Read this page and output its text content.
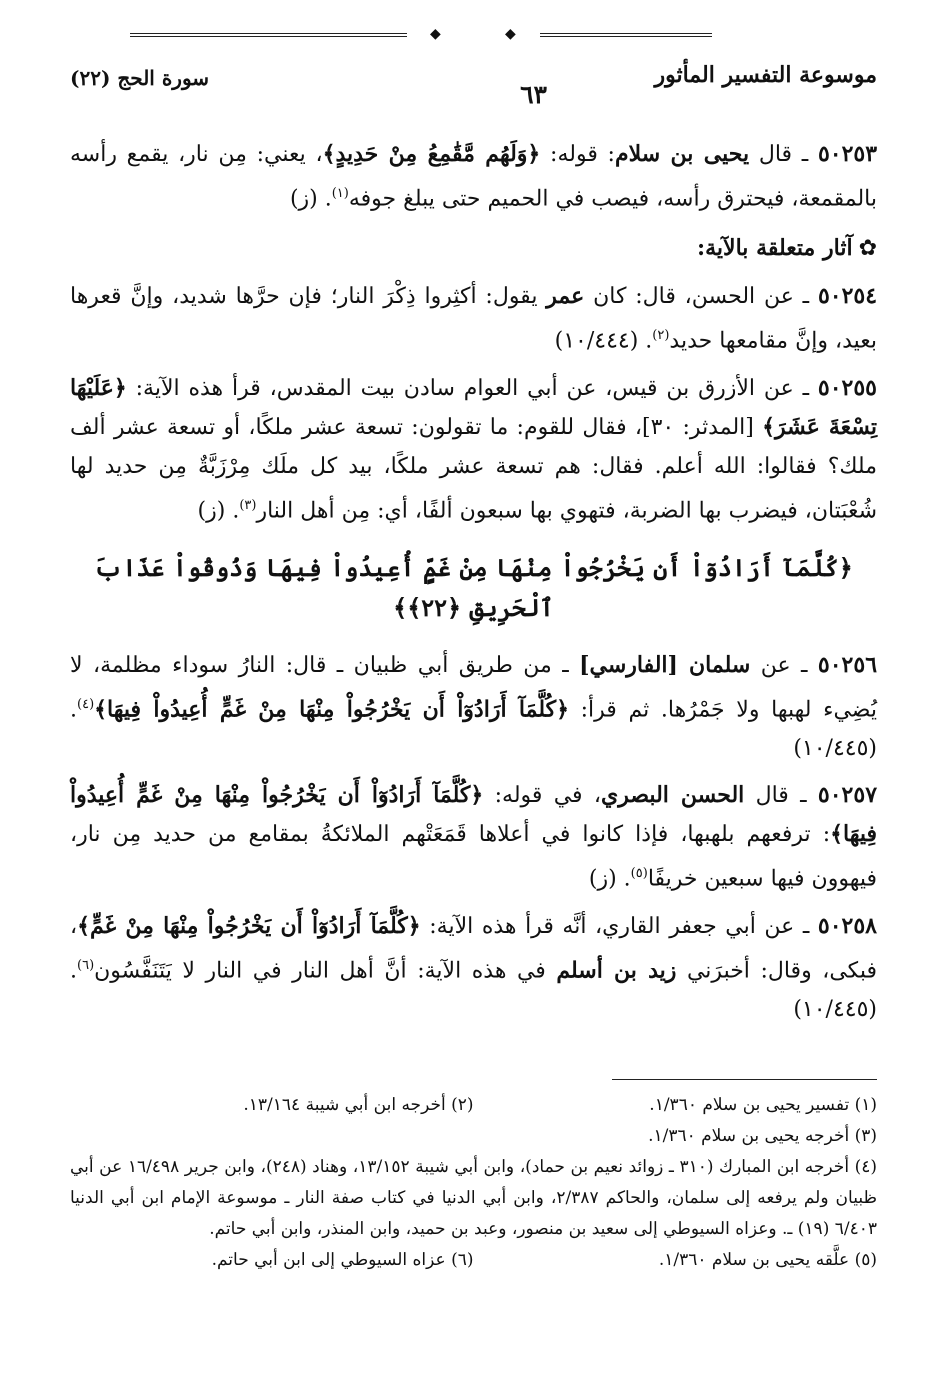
موسوعة التفسير المأثور
٦٣
سورة الحج (٢٢)
◆	◆

٥٠٢٥٣ ـ قال يحيى بن سلام: قوله: ﴿وَلَهُم مَّقَٰمِعُ مِنْ حَدِيدٍ﴾، يعني: مِن نار، يقمع رأسه بالمقمعة، فيحترق رأسه، فيصب في الحميم حتى يبلغ جوفه$^{(١)}$. (ز)

✿آثار متعلقة بالآية:

٥٠٢٥٤ ـ عن الحسن، قال: كان عمر يقول: أكثِروا ذِكْرَ النار؛ فإن حرَّها شديد، وإنَّ قعرها بعيد، وإنَّ مقامعها حديد$^{(٢)}$. (١٠/٤٤٤)

٥٠٢٥٥ ـ عن الأزرق بن قيس، عن أبي العوام سادن بيت المقدس، قرأ هذه الآية: ﴿عَلَيْهَا تِسْعَةَ عَشَرَ﴾ [المدثر: ٣٠]، فقال للقوم: ما تقولون: تسعة عشر ملكًا، أو تسعة عشر ألف ملك؟ فقالوا: الله أعلم. فقال: هم تسعة عشر ملكًا، بيد كل ملَك مِرْزَبَّةٌ مِن حديد لها شُعْبَتان، فيضرب بها الضربة، فتهوي بها سبعون ألفًا، أي: مِن أهل النار$^{(٣)}$. (ز)

﴿كُلَّمَآ أَرَادُوٓاْ أَن يَخْرُجُواْ مِنْهَا مِنْ غَمٍّ أُعِيدُواْ فِيهَا وَذُوقُواْ عَذَابَ ٱلْحَرِيقِ ﴿٢٢﴾﴾

٥٠٢٥٦ ـ عن سلمان [الفارسي] ـ من طريق أبي ظبيان ـ قال: النارُ سوداء مظلمة، لا يُضِيء لهبها ولا جَمْرُها. ثم قرأ: ﴿كُلَّمَآ أَرَادُوٓاْ أَن يَخْرُجُواْ مِنْهَا مِنْ غَمٍّ أُعِيدُواْ فِيهَا﴾$^{(٤)}$. (١٠/٤٤٥)

٥٠٢٥٧ ـ قال الحسن البصري، في قوله: ﴿كُلَّمَآ أَرَادُوٓاْ أَن يَخْرُجُواْ مِنْهَا مِنْ غَمٍّ أُعِيدُواْ فِيهَا﴾: ترفعهم بلهبها، فإذا كانوا في أعلاها قَمَعَتْهم الملائكةُ بمقامع من حديد مِن نار، فيهوون فيها سبعين خريفًا$^{(٥)}$. (ز)

٥٠٢٥٨ ـ عن أبي جعفر القاري، أنَّه قرأ هذه الآية: ﴿كُلَّمَآ أَرَادُوٓاْ أَن يَخْرُجُواْ مِنْهَا مِنْ غَمٍّ﴾، فبكى، وقال: أخبرَني زيد بن أسلم في هذه الآية: أنَّ أهل النار في النار لا يَتَنَفَّسُون$^{(٦)}$. (١٠/٤٤٥)

(١) تفسير يحيى بن سلام ١/٣٦٠.
(٢) أخرجه ابن أبي شيبة ١٣/١٦٤.
(٣) أخرجه يحيى بن سلام ١/٣٦٠.
(٤) أخرجه ابن المبارك (٣١٠ ـ زوائد نعيم بن حماد)، وابن أبي شيبة ١٣/١٥٢، وهناد (٢٤٨)، وابن جرير ١٦/٤٩٨ عن أبي ظبيان ولم يرفعه إلى سلمان، والحاكم ٢/٣٨٧، وابن أبي الدنيا في كتاب صفة النار ـ موسوعة الإمام ابن أبي الدنيا ٦/٤٠٣ (١٩) ـ. وعزاه السيوطي إلى سعيد بن منصور، وعبد بن حميد، وابن المنذر، وابن أبي حاتم.
(٥) علَّقه يحيى بن سلام ١/٣٦٠.
(٦) عزاه السيوطي إلى ابن أبي حاتم.
